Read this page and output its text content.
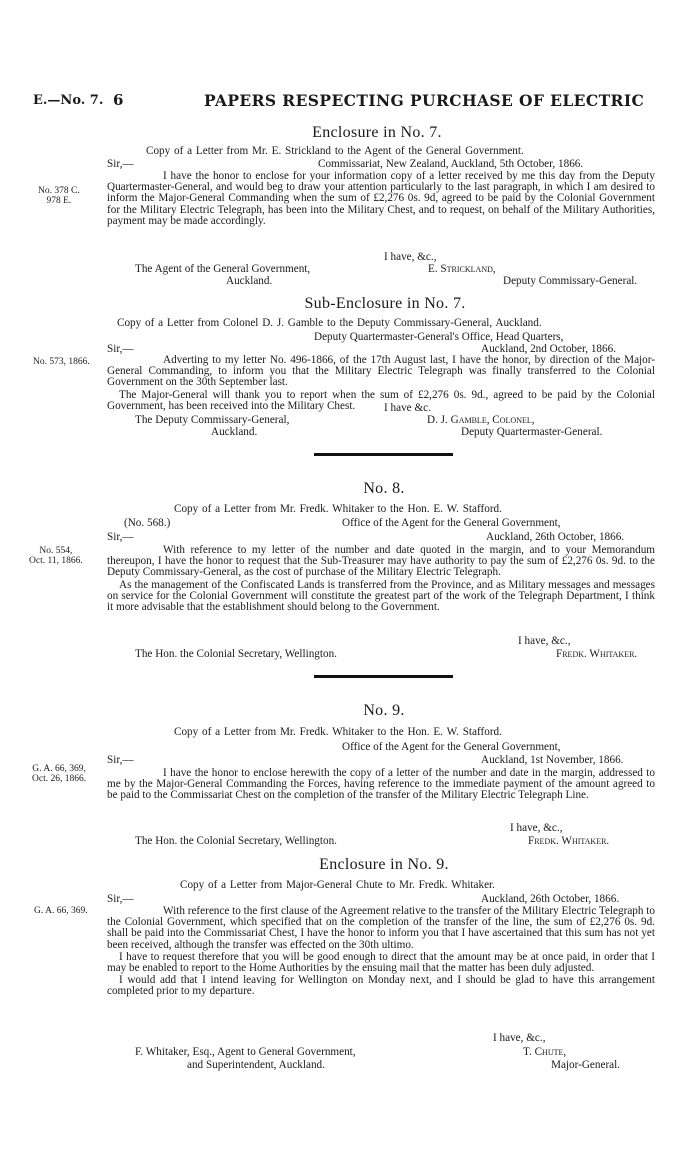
E.—No. 7. 6	PAPERS RESPECTING PURCHASE OF ELECTRIC
Enclosure in No. 7.
Copy of a Letter from Mr. E. Strickland to the Agent of the General Government.
Sir,—	Commissariat, New Zealand, Auckland, 5th October, 1866.
No. 378 C.
978 E.

I have the honor to enclose for your information copy of a letter received by me this day from the Deputy Quartermaster-General, and would beg to draw your attention particularly to the last paragraph, in which I am desired to inform the Major-General Commanding when the sum of £2,276 0s. 9d, agreed to be paid by the Colonial Government for the Military Electric Telegraph, has been into the Military Chest, and to request, on behalf of the Military Authorities, payment may be made accordingly.

I have, &c.,
The Agent of the General Government,
Auckland.
E. Strickland,
Deputy Commissary-General.
Sub-Enclosure in No. 7.
Copy of a Letter from Colonel D. J. Gamble to the Deputy Commissary-General, Auckland.
Deputy Quartermaster-General's Office, Head Quarters,
Sir,—	Auckland, 2nd October, 1866.
No. 573, 1866.	Adverting to my letter No. 496-1866, of the 17th August last, I have the honor, by direction of the Major-General Commanding, to inform you that the Military Electric Telegraph was finally transferred to the Colonial Government on the 30th September last.

The Major-General will thank you to report when the sum of £2,276 0s. 9d., agreed to be paid by the Colonial Government, has been received into the Military Chest.	I have &c.
The Deputy Commissary-General,
Auckland.
D. J. Gamble, Colonel,
Deputy Quartermaster-General.
No. 8.
Copy of a Letter from Mr. Fredk. Whitaker to the Hon. E. W. Stafford.
(No. 568.)	Office of the Agent for the General Government,
Sir,—	Auckland, 26th October, 1866.
No. 554,
Oct. 11, 1866.

With reference to my letter of the number and date quoted in the margin, and to your Memorandum thereupon, I have the honor to request that the Sub-Treasurer may have authority to pay the sum of £2,276 0s. 9d. to the Deputy Commissary-General, as the cost of purchase of the Military Electric Telegraph.

As the management of the Confiscated Lands is transferred from the Province, and as Military messages and messages on service for the Colonial Government will constitute the greatest part of the work of the Telegraph Department, I think it more advisable that the establishment should belong to the Government.

I have, &c.,
The Hon. the Colonial Secretary, Wellington.	Fredk. Whitaker.
No. 9.
Copy of a Letter from Mr. Fredk. Whitaker to the Hon. E. W. Stafford.
Office of the Agent for the General Government,
Sir,—	Auckland, 1st November, 1866.
G. A. 66, 369,
Oct. 26, 1866.	I have the honor to enclose herewith the copy of a letter of the number and date in the margin, addressed to me by the Major-General Commanding the Forces, having reference to the immediate payment of the amount agreed to be paid to the Commissariat Chest on the completion of the transfer of the Military Electric Telegraph Line.

I have, &c.,
The Hon. the Colonial Secretary, Wellington.	Fredk. Whitaker.
Enclosure in No. 9.
Copy of a Letter from Major-General Chute to Mr. Fredk. Whitaker.
Sir,—	Auckland, 26th October, 1866.
G. A. 66, 369.	With reference to the first clause of the Agreement relative to the transfer of the Military Electric Telegraph to the Colonial Government, which specified that on the completion of the transfer of the line, the sum of £2,276 0s. 9d. shall be paid into the Commissariat Chest, I have the honor to inform you that I have ascertained that this sum has not yet been received, although the transfer was effected on the 30th ultimo.

I have to request therefore that you will be good enough to direct that the amount may be at once paid, in order that I may be enabled to report to the Home Authorities by the ensuing mail that the matter has been duly adjusted.

I would add that I intend leaving for Wellington on Monday next, and I should be glad to have this arrangement completed prior to my departure.

I have, &c.,
F. Whitaker, Esq., Agent to General Government,
and Superintendent, Auckland.
T. Chute,
Major-General.
